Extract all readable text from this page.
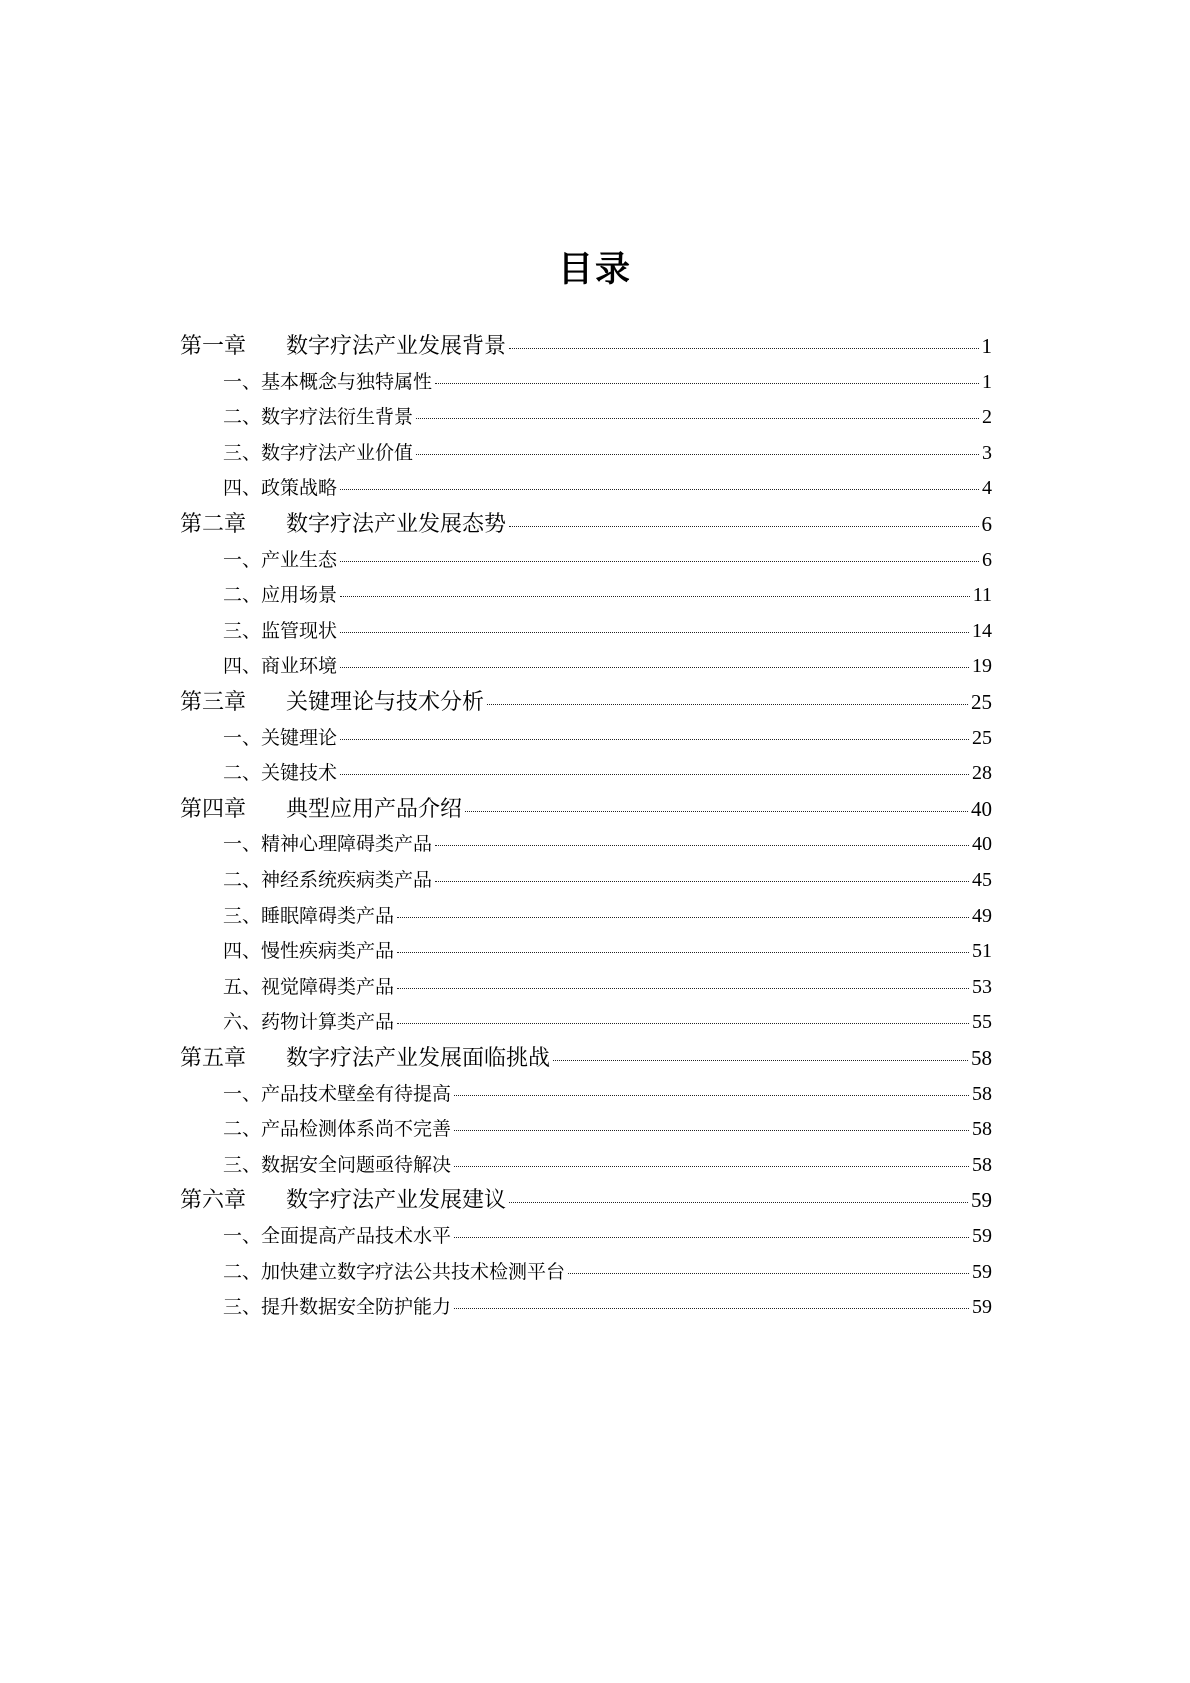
目录
第一章	数字疗法产业发展背景	1
一、基本概念与独特属性	1
二、数字疗法衍生背景	2
三、数字疗法产业价值	3
四、政策战略	4
第二章	数字疗法产业发展态势	6
一、产业生态	6
二、应用场景	11
三、监管现状	14
四、商业环境	19
第三章	关键理论与技术分析	25
一、关键理论	25
二、关键技术	28
第四章	典型应用产品介绍	40
一、精神心理障碍类产品	40
二、神经系统疾病类产品	45
三、睡眠障碍类产品	49
四、慢性疾病类产品	51
五、视觉障碍类产品	53
六、药物计算类产品	55
第五章	数字疗法产业发展面临挑战	58
一、产品技术壁垒有待提高	58
二、产品检测体系尚不完善	58
三、数据安全问题亟待解决	58
第六章	数字疗法产业发展建议	59
一、全面提高产品技术水平	59
二、加快建立数字疗法公共技术检测平台	59
三、提升数据安全防护能力	59
